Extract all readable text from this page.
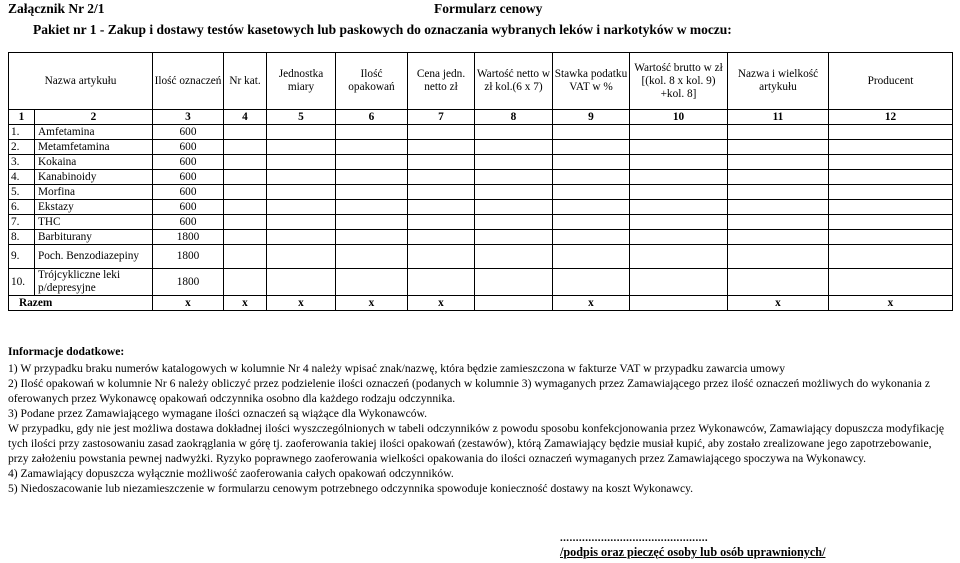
Załącznik Nr 2/1	Formularz cenowy
Pakiet nr 1 - Zakup i dostawy testów kasetowych lub paskowych do oznaczania wybranych leków i narkotyków w moczu:
Nazwa artykułu		Ilość oznaczeń	Nr kat.	Jednostka miary	Ilość opakowań	Cena jedn. netto zł	Wartość netto w zł kol.(6 x 7)	Stawka podatku VAT w %	Wartość brutto w zł [(kol. 8 x kol. 9) +kol. 8]	Nazwa i wielkość artykułu	Producent
1	2	3	4	5	6	7	8	9	10	11	12
1.	Amfetamina	600									
2.	Metamfetamina	600									
3.	Kokaina	600									
4.	Kanabinoidy	600									
5.	Morfina	600									
6.	Ekstazy	600									
7.	THC	600									
8.	Barbiturany	1800									
9.	Poch. Benzodiazepiny	1800									
10.	Trójcykliczne leki p/depresyjne	1800									
Razem		x	x	x	x	x		x		x	x
Informacje dodatkowe:
1) W przypadku braku numerów katalogowych w kolumnie Nr 4 należy wpisać znak/nazwę, która będzie zamieszczona w fakturze VAT w przypadku zawarcia umowy
2) Ilość opakowań w kolumnie Nr 6 należy obliczyć przez podzielenie ilości oznaczeń (podanych w kolumnie 3) wymaganych przez Zamawiającego przez ilość oznaczeń możliwych do wykonania z oferowanych przez Wykonawcę opakowań odczynnika osobno dla każdego rodzaju odczynnika.
3) Podane przez Zamawiającego wymagane ilości oznaczeń są wiążące dla Wykonawców.
W przypadku, gdy nie jest możliwa dostawa dokładnej ilości wyszczególnionych w tabeli odczynników z powodu sposobu konfekcjonowania przez Wykonawców, Zamawiający dopuszcza modyfikację tych ilości przy zastosowaniu zasad zaokrąglania w górę tj. zaoferowania takiej ilości opakowań (zestawów), którą Zamawiający będzie musiał kupić, aby zostało zrealizowane jego zapotrzebowanie, przy założeniu powstania pewnej nadwyżki. Ryzyko poprawnego zaoferowania wielkości opakowania do ilości oznaczeń wymaganych przez Zamawiającego spoczywa na Wykonawcy.
4) Zamawiający dopuszcza wyłącznie możliwość zaoferowania całych opakowań odczynników.
5) Niedoszacowanie lub niezamieszczenie w formularzu cenowym potrzebnego odczynnika spowoduje konieczność dostawy na koszt Wykonawcy.
...............................................
/podpis oraz pieczęć osoby lub osób uprawnionych/
